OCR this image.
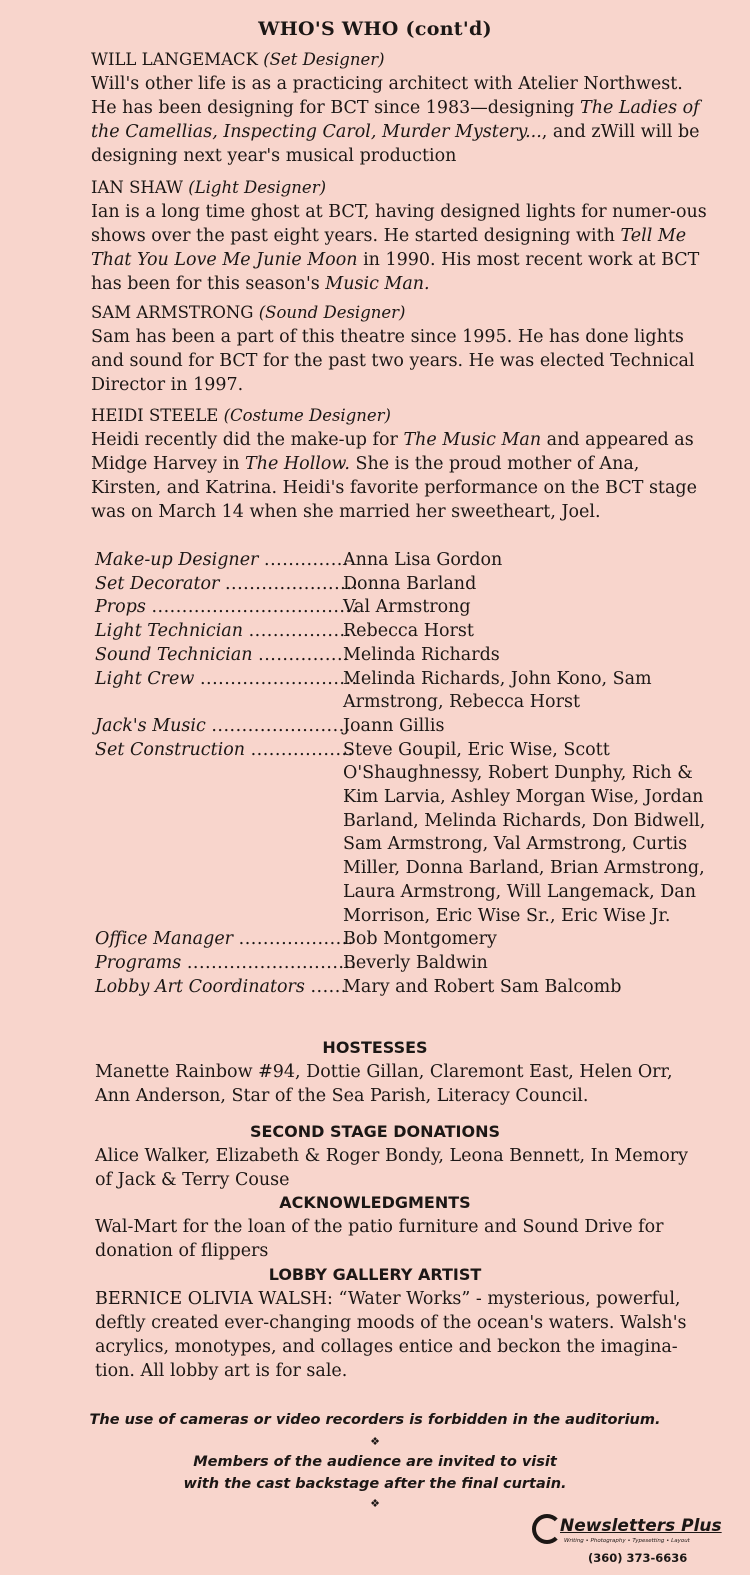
WHO'S WHO (cont'd)
WILL LANGEMACK (Set Designer)

Will's other life is as a practicing architect with Atelier Northwest. He has been designing for BCT since 1983—designing The Ladies of the Camellias, Inspecting Carol, Murder Mystery..., and zWill will be designing next year's musical production

IAN SHAW (Light Designer)

Ian is a long time ghost at BCT, having designed lights for numer-ous shows over the past eight years. He started designing with Tell Me That You Love Me Junie Moon in 1990. His most recent work at BCT has been for this season's Music Man.

SAM ARMSTRONG (Sound Designer)

Sam has been a part of this theatre since 1995. He has done lights and sound for BCT for the past two years. He was elected Technical Director in 1997.

HEIDI STEELE (Costume Designer)

Heidi recently did the make-up for The Music Man and appeared as Midge Harvey in The Hollow. She is the proud mother of Ana, Kirsten, and Katrina. Heidi's favorite performance on the BCT stage was on March 14 when she married her sweetheart, Joel.

Make-up Designer ..............
Anna Lisa Gordon
Set Decorator ......................
Donna Barland
Props ..................................
Val Armstrong
Light Technician .................
Rebecca Horst
Sound Technician ...............
Melinda Richards
Light Crew ..........................
Melinda Richards, John Kono, Sam Armstrong, Rebecca Horst
Jack's Music .......................
Joann Gillis
Set Construction .................
Steve Goupil, Eric Wise, Scott O'Shaughnessy, Robert Dunphy, Rich & Kim Larvia, Ashley Morgan Wise, Jordan Barland, Melinda Richards, Don Bidwell, Sam Armstrong, Val Armstrong, Curtis Miller, Donna Barland, Brian Armstrong, Laura Armstrong, Will Langemack, Dan Morrison, Eric Wise Sr., Eric Wise Jr.
Office Manager ...................
Bob Montgomery
Programs ............................
Beverly Baldwin
Lobby Art Coordinators ......
Mary and Robert Sam Balcomb
HOSTESSES
Manette Rainbow #94, Dottie Gillan, Claremont East, Helen Orr, Ann Anderson, Star of the Sea Parish, Literacy Council.
SECOND STAGE DONATIONS
Alice Walker, Elizabeth & Roger Bondy, Leona Bennett, In Memory of Jack & Terry Couse
ACKNOWLEDGMENTS
Wal-Mart for the loan of the patio furniture and Sound Drive for donation of flippers
LOBBY GALLERY ARTIST
BERNICE OLIVIA WALSH: “Water Works” - mysterious, powerful, deftly created ever-changing moods of the ocean's waters. Walsh's acrylics, monotypes, and collages entice and beckon the imagina-tion. All lobby art is for sale.
The use of cameras or video recorders is forbidden in the auditorium.
❖
Members of the audience are invited to visit
with the cast backstage after the final curtain.
❖
Newsletters Plus
Writing • Photography • Typesetting • Layout
(360) 373-6636
